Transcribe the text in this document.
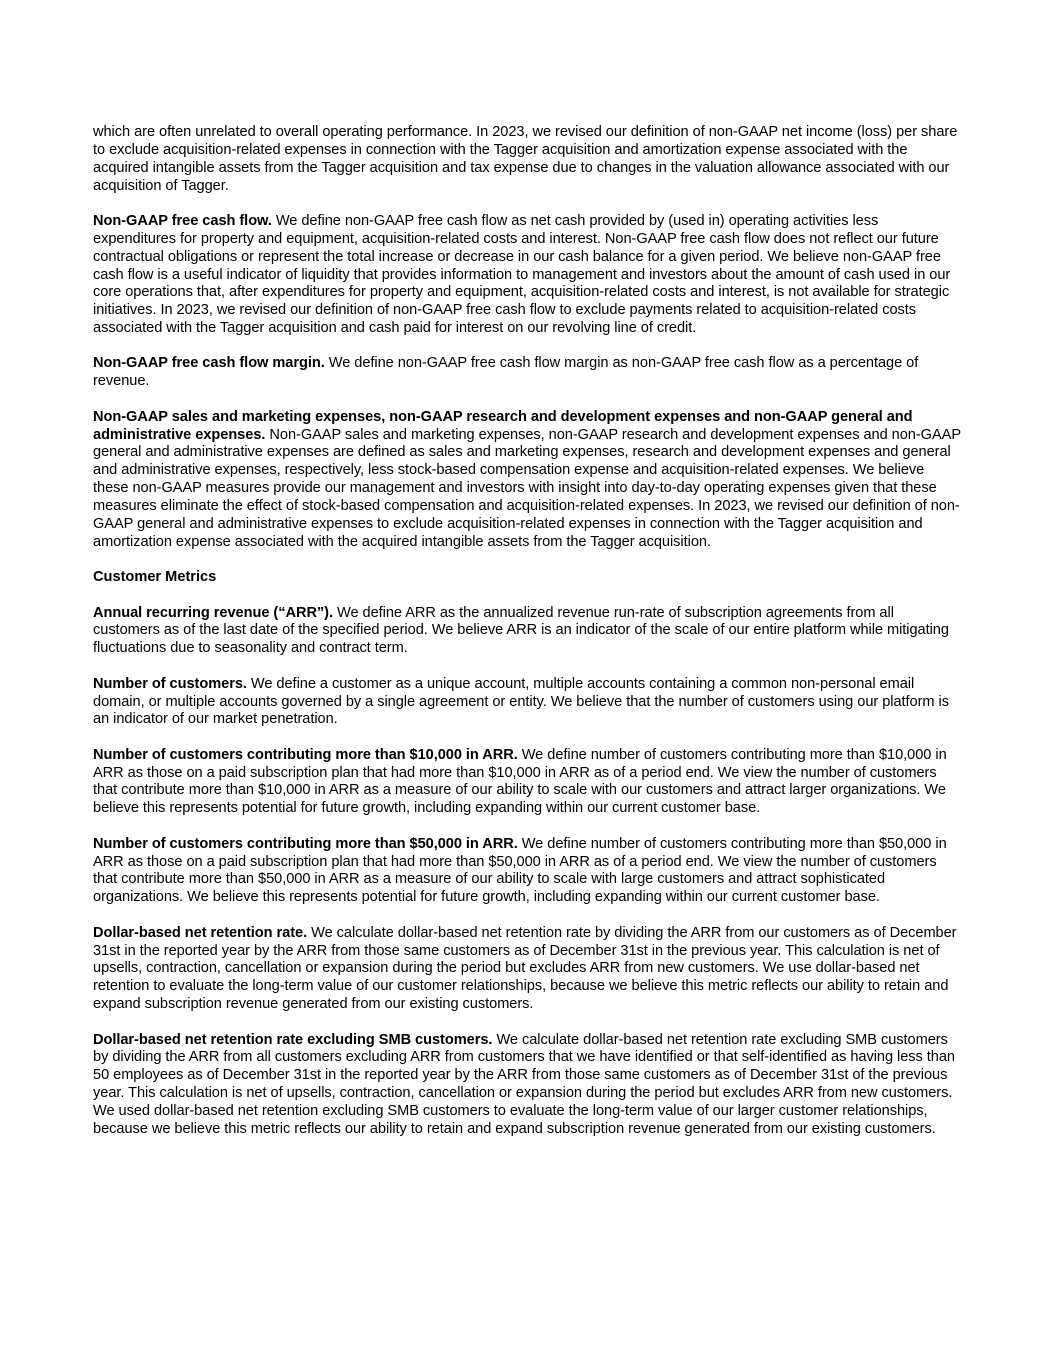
which are often unrelated to overall operating performance. In 2023, we revised our definition of non-GAAP net income (loss) per share to exclude acquisition-related expenses in connection with the Tagger acquisition and amortization expense associated with the acquired intangible assets from the Tagger acquisition and tax expense due to changes in the valuation allowance associated with our acquisition of Tagger.

Non-GAAP free cash flow. We define non-GAAP free cash flow as net cash provided by (used in) operating activities less expenditures for property and equipment, acquisition-related costs and interest. Non-GAAP free cash flow does not reflect our future contractual obligations or represent the total increase or decrease in our cash balance for a given period. We believe non-GAAP free cash flow is a useful indicator of liquidity that provides information to management and investors about the amount of cash used in our core operations that, after expenditures for property and equipment, acquisition-related costs and interest, is not available for strategic initiatives. In 2023, we revised our definition of non-GAAP free cash flow to exclude payments related to acquisition-related costs associated with the Tagger acquisition and cash paid for interest on our revolving line of credit.

Non-GAAP free cash flow margin. We define non-GAAP free cash flow margin as non-GAAP free cash flow as a percentage of revenue.

Non-GAAP sales and marketing expenses, non-GAAP research and development expenses and non-GAAP general and administrative expenses. Non-GAAP sales and marketing expenses, non-GAAP research and development expenses and non-GAAP general and administrative expenses are defined as sales and marketing expenses, research and development expenses and general and administrative expenses, respectively, less stock-based compensation expense and acquisition-related expenses. We believe these non-GAAP measures provide our management and investors with insight into day-to-day operating expenses given that these measures eliminate the effect of stock-based compensation and acquisition-related expenses. In 2023, we revised our definition of non-GAAP general and administrative expenses to exclude acquisition-related expenses in connection with the Tagger acquisition and amortization expense associated with the acquired intangible assets from the Tagger acquisition.

Customer Metrics

Annual recurring revenue (“ARR”). We define ARR as the annualized revenue run-rate of subscription agreements from all customers as of the last date of the specified period. We believe ARR is an indicator of the scale of our entire platform while mitigating fluctuations due to seasonality and contract term.

Number of customers. We define a customer as a unique account, multiple accounts containing a common non-personal email domain, or multiple accounts governed by a single agreement or entity. We believe that the number of customers using our platform is an indicator of our market penetration.

Number of customers contributing more than $10,000 in ARR. We define number of customers contributing more than $10,000 in ARR as those on a paid subscription plan that had more than $10,000 in ARR as of a period end. We view the number of customers that contribute more than $10,000 in ARR as a measure of our ability to scale with our customers and attract larger organizations. We believe this represents potential for future growth, including expanding within our current customer base.

Number of customers contributing more than $50,000 in ARR. We define number of customers contributing more than $50,000 in ARR as those on a paid subscription plan that had more than $50,000 in ARR as of a period end. We view the number of customers that contribute more than $50,000 in ARR as a measure of our ability to scale with large customers and attract sophisticated organizations. We believe this represents potential for future growth, including expanding within our current customer base.

Dollar-based net retention rate. We calculate dollar-based net retention rate by dividing the ARR from our customers as of December 31st in the reported year by the ARR from those same customers as of December 31st in the previous year. This calculation is net of upsells, contraction, cancellation or expansion during the period but excludes ARR from new customers. We use dollar-based net retention to evaluate the long-term value of our customer relationships, because we believe this metric reflects our ability to retain and expand subscription revenue generated from our existing customers.

Dollar-based net retention rate excluding SMB customers. We calculate dollar-based net retention rate excluding SMB customers by dividing the ARR from all customers excluding ARR from customers that we have identified or that self-identified as having less than 50 employees as of December 31st in the reported year by the ARR from those same customers as of December 31st of the previous year. This calculation is net of upsells, contraction, cancellation or expansion during the period but excludes ARR from new customers. We used dollar-based net retention excluding SMB customers to evaluate the long-term value of our larger customer relationships, because we believe this metric reflects our ability to retain and expand subscription revenue generated from our existing customers.
